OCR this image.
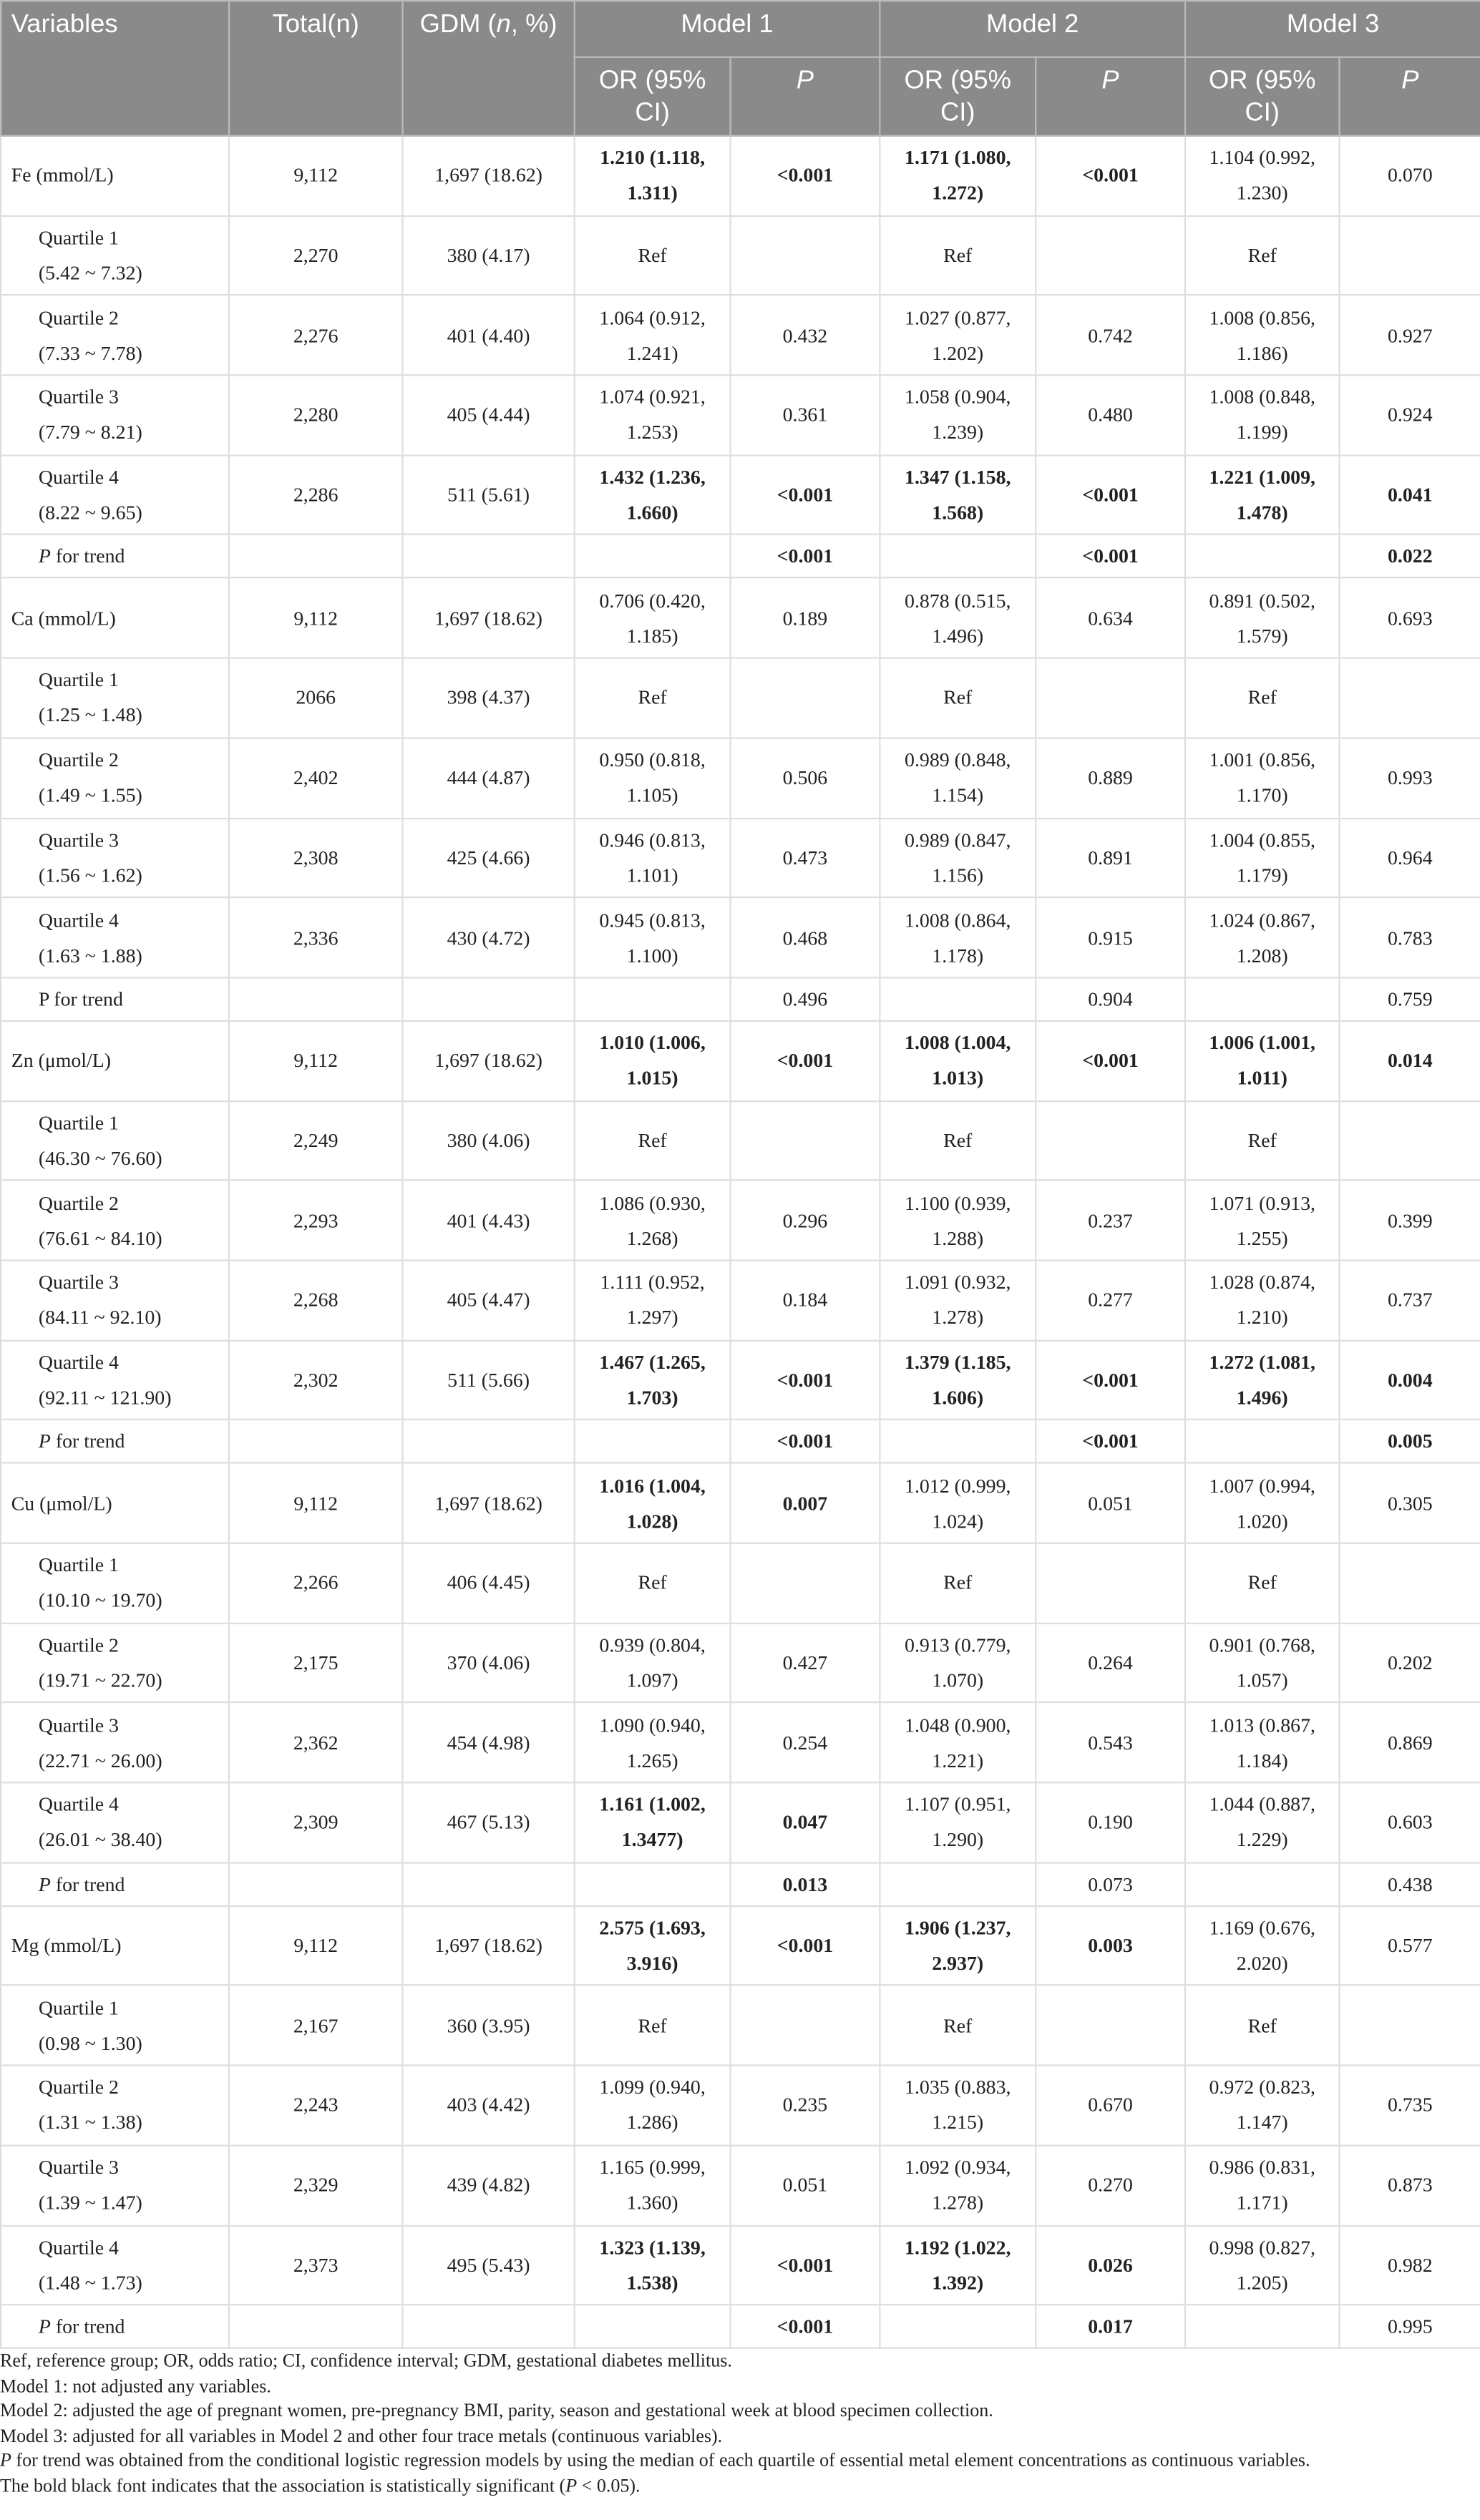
Variables	Total(n)	GDM (n, %)	Model 1		Model 2		Model 3	
			OR (95% CI)	P	OR (95% CI)	P	OR (95% CI)	P
Fe (mmol/L)	9,112	1,697 (18.62)	1.210 (1.118, 1.311)	<0.001	1.171 (1.080, 1.272)	<0.001	1.104 (0.992, 1.230)	0.070

Quartile 1
(5.42 ~ 7.32)	2,270	380 (4.17)	Ref		Ref		Ref	

Quartile 2
(7.33 ~ 7.78)	2,276	401 (4.40)	1.064 (0.912, 1.241)	0.432	1.027 (0.877, 1.202)	0.742	1.008 (0.856, 1.186)	0.927

Quartile 3
(7.79 ~ 8.21)	2,280	405 (4.44)	1.074 (0.921, 1.253)	0.361	1.058 (0.904, 1.239)	0.480	1.008 (0.848, 1.199)	0.924

Quartile 4
(8.22 ~ 9.65)	2,286	511 (5.61)	1.432 (1.236, 1.660)	<0.001	1.347 (1.158, 1.568)	<0.001	1.221 (1.009, 1.478)	0.041
P for trend				<0.001		<0.001		0.022
Ca (mmol/L)	9,112	1,697 (18.62)	0.706 (0.420, 1.185)	0.189	0.878 (0.515, 1.496)	0.634	0.891 (0.502, 1.579)	0.693

Quartile 1
(1.25 ~ 1.48)	2066	398 (4.37)	Ref		Ref		Ref	

Quartile 2
(1.49 ~ 1.55)	2,402	444 (4.87)	0.950 (0.818, 1.105)	0.506	0.989 (0.848, 1.154)	0.889	1.001 (0.856, 1.170)	0.993

Quartile 3
(1.56 ~ 1.62)	2,308	425 (4.66)	0.946 (0.813, 1.101)	0.473	0.989 (0.847, 1.156)	0.891	1.004 (0.855, 1.179)	0.964

Quartile 4
(1.63 ~ 1.88)	2,336	430 (4.72)	0.945 (0.813, 1.100)	0.468	1.008 (0.864, 1.178)	0.915	1.024 (0.867, 1.208)	0.783
P for trend				0.496		0.904		0.759
Zn (μmol/L)	9,112	1,697 (18.62)	1.010 (1.006, 1.015)	<0.001	1.008 (1.004, 1.013)	<0.001	1.006 (1.001, 1.011)	0.014

Quartile 1
(46.30 ~ 76.60)	2,249	380 (4.06)	Ref		Ref		Ref	

Quartile 2
(76.61 ~ 84.10)	2,293	401 (4.43)	1.086 (0.930, 1.268)	0.296	1.100 (0.939, 1.288)	0.237	1.071 (0.913, 1.255)	0.399

Quartile 3
(84.11 ~ 92.10)	2,268	405 (4.47)	1.111 (0.952, 1.297)	0.184	1.091 (0.932, 1.278)	0.277	1.028 (0.874, 1.210)	0.737

Quartile 4
(92.11 ~ 121.90)	2,302	511 (5.66)	1.467 (1.265, 1.703)	<0.001	1.379 (1.185, 1.606)	<0.001	1.272 (1.081, 1.496)	0.004
P for trend				<0.001		<0.001		0.005
Cu (μmol/L)	9,112	1,697 (18.62)	1.016 (1.004, 1.028)	0.007	1.012 (0.999, 1.024)	0.051	1.007 (0.994, 1.020)	0.305

Quartile 1
(10.10 ~ 19.70)	2,266	406 (4.45)	Ref		Ref		Ref	

Quartile 2
(19.71 ~ 22.70)	2,175	370 (4.06)	0.939 (0.804, 1.097)	0.427	0.913 (0.779, 1.070)	0.264	0.901 (0.768, 1.057)	0.202

Quartile 3
(22.71 ~ 26.00)	2,362	454 (4.98)	1.090 (0.940, 1.265)	0.254	1.048 (0.900, 1.221)	0.543	1.013 (0.867, 1.184)	0.869

Quartile 4
(26.01 ~ 38.40)	2,309	467 (5.13)	1.161 (1.002, 1.3477)	0.047	1.107 (0.951, 1.290)	0.190	1.044 (0.887, 1.229)	0.603
P for trend				0.013		0.073		0.438
Mg (mmol/L)	9,112	1,697 (18.62)	2.575 (1.693, 3.916)	<0.001	1.906 (1.237, 2.937)	0.003	1.169 (0.676, 2.020)	0.577

Quartile 1
(0.98 ~ 1.30)	2,167	360 (3.95)	Ref		Ref		Ref	

Quartile 2
(1.31 ~ 1.38)	2,243	403 (4.42)	1.099 (0.940, 1.286)	0.235	1.035 (0.883, 1.215)	0.670	0.972 (0.823, 1.147)	0.735

Quartile 3
(1.39 ~ 1.47)	2,329	439 (4.82)	1.165 (0.999, 1.360)	0.051	1.092 (0.934, 1.278)	0.270	0.986 (0.831, 1.171)	0.873

Quartile 4
(1.48 ~ 1.73)	2,373	495 (5.43)	1.323 (1.139, 1.538)	<0.001	1.192 (1.022, 1.392)	0.026	0.998 (0.827, 1.205)	0.982
P for trend				<0.001		0.017		0.995
Ref, reference group; OR, odds ratio; CI, confidence interval; GDM, gestational diabetes mellitus.
Model 1: not adjusted any variables.
Model 2: adjusted the age of pregnant women, pre-pregnancy BMI, parity, season and gestational week at blood specimen collection.
Model 3: adjusted for all variables in Model 2 and other four trace metals (continuous variables).
P for trend was obtained from the conditional logistic regression models by using the median of each quartile of essential metal element concentrations as continuous variables.
The bold black font indicates that the association is statistically significant (P < 0.05).
